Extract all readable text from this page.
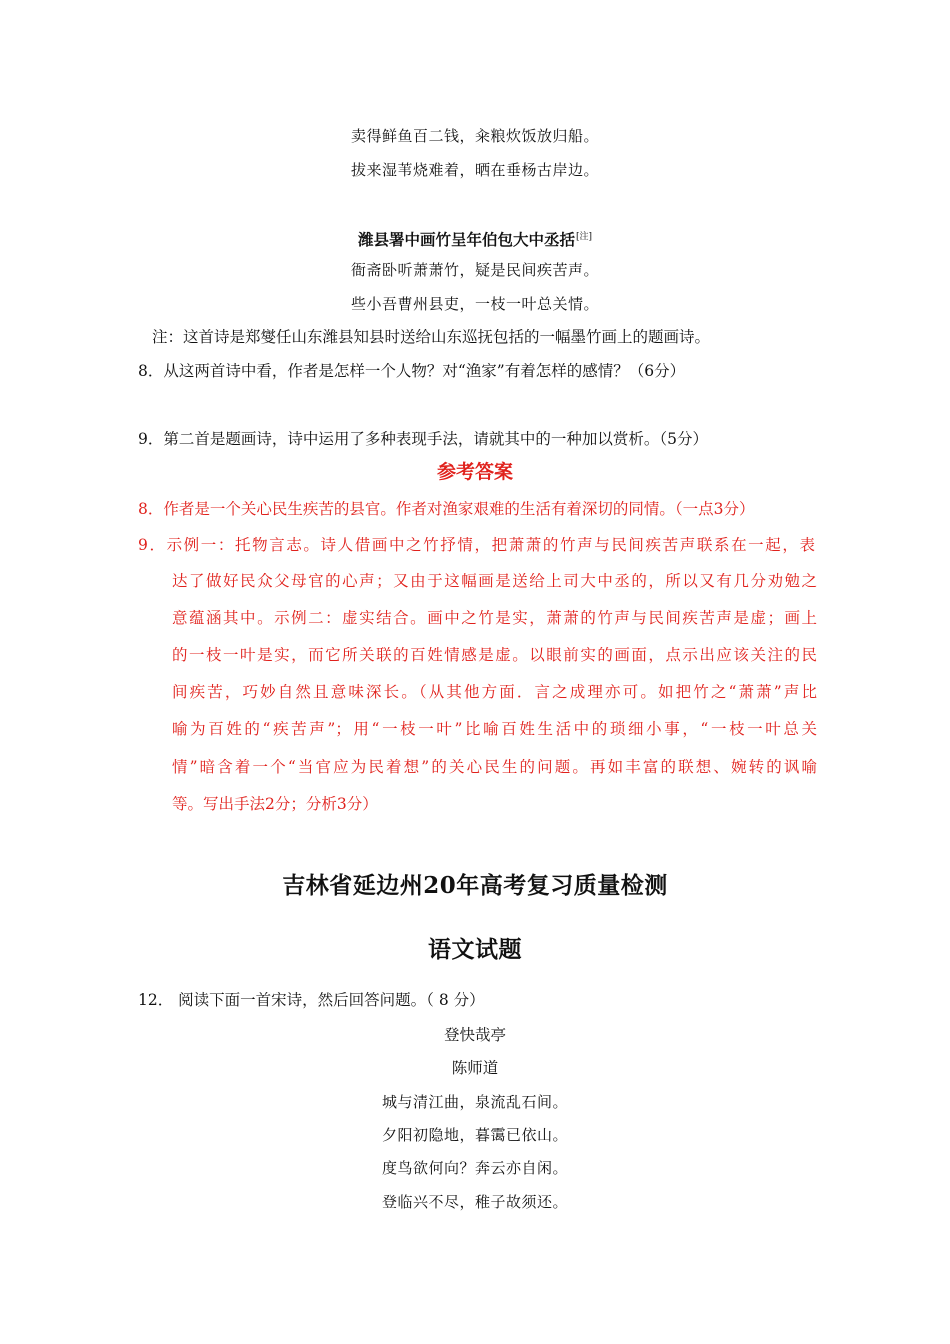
卖得鲜鱼百二钱，籴粮炊饭放归船。
拔来湿苇烧难着，晒在垂杨古岸边。
潍县署中画竹呈年伯包大中丞括[注]
衙斋卧听萧萧竹，疑是民间疾苦声。
些小吾曹州县吏，一枝一叶总关情。
注：这首诗是郑燮任山东潍县知县时送给山东巡抚包括的一幅墨竹画上的题画诗。
8．从这两首诗中看，作者是怎样一个人物？对“渔家”有着怎样的感情？（6分）
9．第二首是题画诗，诗中运用了多种表现手法，请就其中的一种加以赏析。（5分）
参考答案
8．作者是一个关心民生疾苦的县官。作者对渔家艰难的生活有着深切的同情。（一点3分）
9．示例一：托物言志。诗人借画中之竹抒情，把萧萧的竹声与民间疾苦声联系在一起，表
达了做好民众父母官的心声；又由于这幅画是送给上司大中丞的，所以又有几分劝勉之
意蕴涵其中。示例二：虚实结合。画中之竹是实，萧萧的竹声与民间疾苦声是虚；画上
的一枝一叶是实，而它所关联的百姓情感是虚。以眼前实的画面，点示出应该关注的民
间疾苦，巧妙自然且意味深长。（从其他方面．言之成理亦可。如把竹之“萧萧”声比
喻为百姓的“疾苦声”；用“一枝一叶”比喻百姓生活中的琐细小事，“一枝一叶总关
情”暗含着一个“当官应为民着想”的关心民生的问题。再如丰富的联想、婉转的讽喻
等。写出手法2分；分析3分）
吉林省延边州20年高考复习质量检测
语文试题
12． 阅读下面一首宋诗，然后回答问题。（ 8 分）
登快哉亭
陈师道
城与清江曲，泉流乱石间。
夕阳初隐地，暮霭已依山。
度鸟欲何向？奔云亦自闲。
登临兴不尽，稚子故须还。
